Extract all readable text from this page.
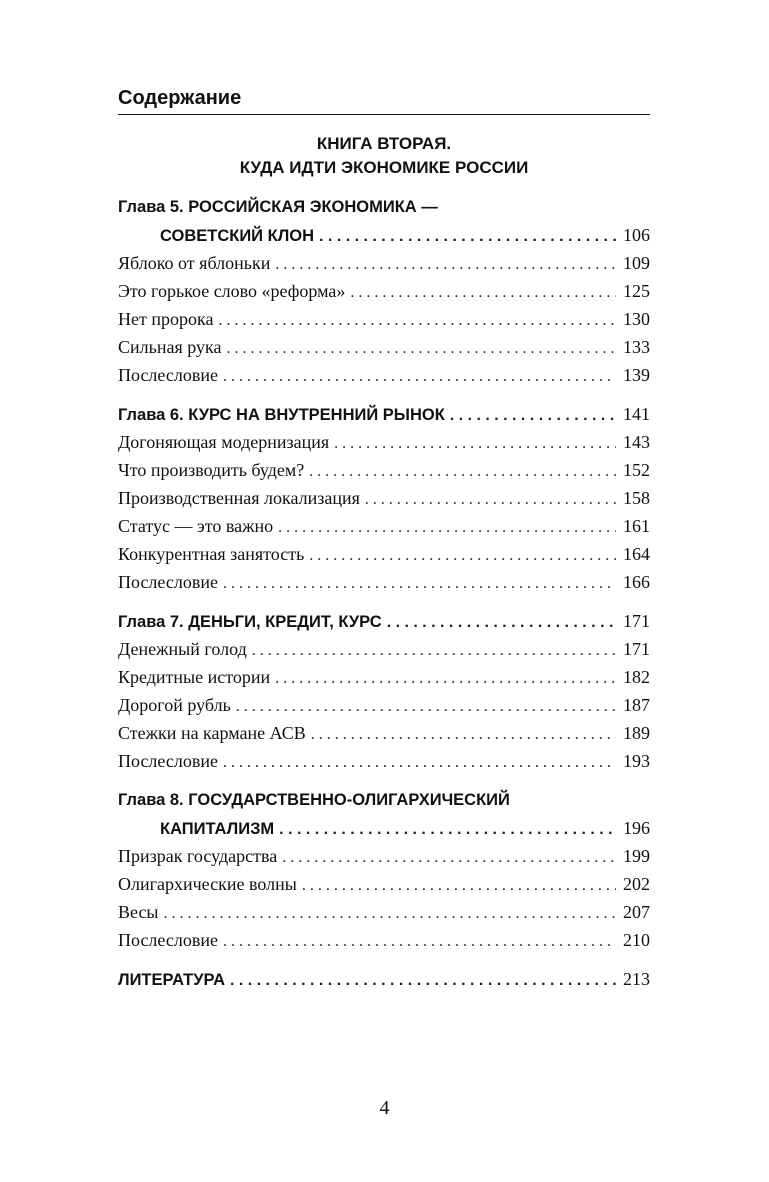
Содержание
КНИГА ВТОРАЯ.
КУДА ИДТИ ЭКОНОМИКЕ РОССИИ
Глава 5. РОССИЙСКАЯ ЭКОНОМИКА —
СОВЕТСКИЙ КЛОН . . .	106
Яблоко от яблоньки . . .	109
Это горькое слово «реформа» . . .	125
Нет пророка . . .	130
Сильная рука . . .	133
Послесловие . . .	139
Глава 6. КУРС НА ВНУТРЕННИЙ РЫНОК . . .	141
Догоняющая модернизация . . .	143
Что производить будем? . . .	152
Производственная локализация . . .	158
Статус — это важно . . .	161
Конкурентная занятость . . .	164
Послесловие . . .	166
Глава 7. ДЕНЬГИ, КРЕДИТ, КУРС . . .	171
Денежный голод . . .	171
Кредитные истории . . .	182
Дорогой рубль . . .	187
Стежки на кармане АСВ . . .	189
Послесловие . . .	193
Глава 8. ГОСУДАРСТВЕННО-ОЛИГАРХИЧЕСКИЙ
КАПИТАЛИЗМ . . .	196
Призрак государства . . .	199
Олигархические волны . . .	202
Весы . . .	207
Послесловие . . .	210
ЛИТЕРАТУРА . . .	213
4
